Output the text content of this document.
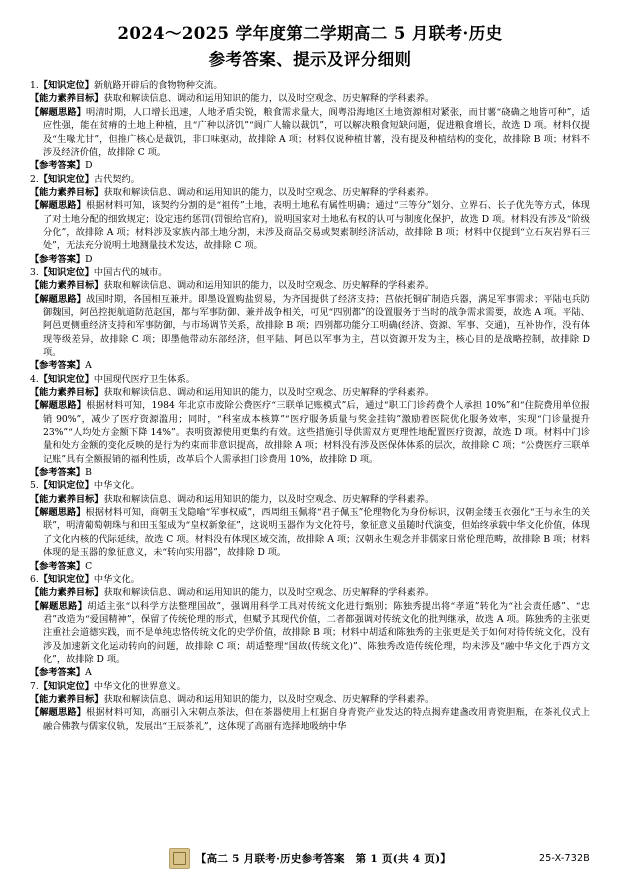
2024～2025 学年度第二学期高二 5 月联考·历史
参考答案、提示及评分细则
1.【知识定位】新航路开辟后的食物物种交流。
【能力素养目标】获取和解读信息、调动和运用知识的能力，以及时空观念、历史解释的学科素养。
【解题思路】明清时期，人口增长迅速，人地矛盾尖锐，粮食需求量大，阆粤沿海地区土地资源相对紧张，而甘薯“硗确之地皆可种”，适应性强，能在贫瘠的土地上种植，且“广种以济饥”“阆广人输以裁饥”，可以解决粮食短缺问题，促进粮食增长，故选 D 项。材料仅提及“生喙尤甘”，但推广核心是裁饥，非口味驱动，故排除 A 项；材料仅说种植甘薯，没有提及种植结构的变化，故排除 B 项；材料不涉及经济价值，故排除 C 项。
【参考答案】D
2.【知识定位】古代契约。
【能力素养目标】获取和解读信息、调动和运用知识的能力，以及时空观念、历史解释的学科素养。
【解题思路】根据材料可知，该契约分割的是“祖传”土地，表明土地私有属性明确；通过“三等分”划分、立界石、长子优先等方式，体现了对土地分配的细致规定；设定违约惩罚(罚银给官府)，说明国家对土地私有权的认可与制度化保护，故选 D 项。材料没有涉及“阶级分化”，故排除 A 项；材料涉及家族内部土地分割，未涉及商品交易或契素制经济活动，故排除 B 项；材料中仅提到“立石灰岩界石三处”，无法充分说明土地测量技术发达，故排除 C 项。
【参考答案】D
3.【知识定位】中国古代的城市。
【能力素养目标】获取和解读信息、调动和运用知识的能力，以及时空观念、历史解释的学科素养。
【解题思路】战国时期，各国相互兼并。即墨设置购盐贸易，为齐国提供了经济支持；莒依托铜矿制造兵器，满足军事需求；平陆屯兵防御魏国，阿邑控扼航道防范赵国，都与军事防御、兼并战争相关，可见“四别都”的设置服务于当时的战争需求需要，故选 A 项。平陆、阿邑更侧重经济支持和军事防御，与市场调节关系，故排除 B 项；四别都功能分工明确(经济、资源、军事、交通)，互补协作，没有体现等级差异，故排除 C 项；即墨他带动东部经济，但平陆、阿邑以军事为主，莒以资源开发为主，核心目的是战略控制，故排除 D 项。
【参考答案】A
4.【知识定位】中国现代医疗卫生体系。
【能力素养目标】获取和解读信息、调动和运用知识的能力，以及时空观念、历史解释的学科素养。
【解题思路】根据材料可知，1984 年北京市废除公费医疗“三联单记账模式”后，通过“职工门诊药费个人承担 10%”和“住院费用单位报销 90%”，减少了医疗资源滥用；同时，“科室成本核算”“医疗服务质量与奖金挂钩”激励着医院优化服务效率，实现“门诊量提升 23%”“人均处方金额下降 14%”。表明资源使用更集约有效。这些措施引导供需双方更理性地配置医疗资源，故选 D 项。材料中门诊量和处方金额的变化反映的是行为约束而非意识提高，故排除 A 项；材料没有涉及医保体体系的层次，故排除 C 项；“公费医疗三联单记账”具有全额报销的福利性质，改革后个人需承担门诊费用 10%，故排除 D 项。
【参考答案】B
5.【知识定位】中华文化。
【能力素养目标】获取和解读信息、调动和运用知识的能力，以及时空观念、历史解释的学科素养。
【解题思路】根据材料可知，商朝玉戈隐喻“军事权威”，西周组玉佩将“君子佩玉”伦理物化为身份标识，汉朝金缕玉衣强化“王与永生的关联”，明清葡萄朝珠与和田玉玺成为“皇权新象征”，这说明玉器作为文化符号，象征意义虽随时代演变，但始终承载中华文化价值，体现了文化内核的代际延续，故选 C 项。材料没有体现区域交流，故排除 A 项；汉朝永生观念并非儒家日常伦理范畴，故排除 B 项；材料体现的是玉器的象征意义，未“转向实用器”，故排除 D 项。
【参考答案】C
6.【知识定位】中华文化。
【能力素养目标】获取和解读信息、调动和运用知识的能力，以及时空观念、历史解释的学科素养。
【解题思路】胡适主张“以科学方法整理国故”，强调用科学工具对传统文化进行甄别；陈独秀提出将“孝道”转化为“社会责任感”、“忠君”改造为“爱国精神”，保留了传统伦理的形式，但赋予其现代价值，二者都强调对传统文化的批判继承，故选 A 项。陈独秀的主张更注重社会道德实践，而不是单纯忠恪传统文化的史学价值，故排除 B 项；材料中胡适和陈独秀的主张更是关于如何对待传统文化，没有涉及加速新文化运动转向的问题，故排除 C 项；胡适整理“国故(传统文化)”、陈独秀改造传统伦理，均未涉及“融中华文化于西方文化”，故排除 D 项。
【参考答案】A
7.【知识定位】中华文化的世界意义。
【能力素养目标】获取和解读信息、调动和运用知识的能力，以及时空观念、历史解释的学科素养。
【解题思路】根据材料可知，高丽引入宋朝点茶法，但在茶器使用上杠据自身青瓷产业发达的特点揭弃建盏改用青瓷胆瓶，在茶礼仪式上融合佛教与儒家仪轨，发展出“王辰茶礼”，这体现了高丽有选择地吸纳中华
【高二 5 月联考·历史参考答案　第 1 页(共 4 页)】	25-X-732B
